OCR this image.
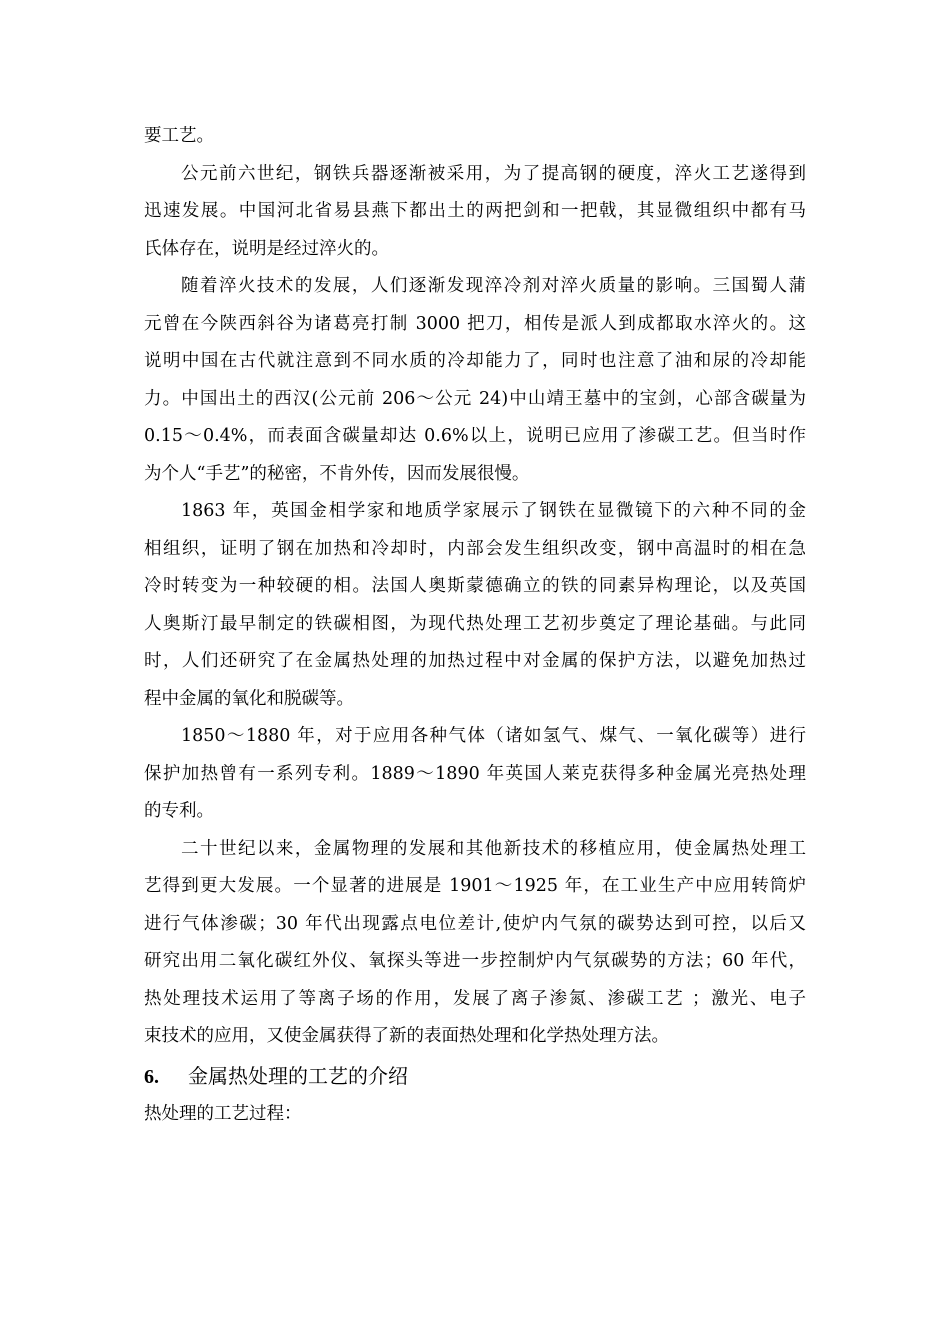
要工艺。
公元前六世纪，钢铁兵器逐渐被采用，为了提高钢的硬度，淬火工艺遂得到
迅速发展。中国河北省易县燕下都出土的两把剑和一把戟，其显微组织中都有马
氏体存在，说明是经过淬火的。
随着淬火技术的发展，人们逐渐发现淬冷剂对淬火质量的影响。三国蜀人蒲
元曾在今陕西斜谷为诸葛亮打制 3000 把刀，相传是派人到成都取水淬火的。这
说明中国在古代就注意到不同水质的冷却能力了，同时也注意了油和尿的冷却能
力。中国出土的西汉(公元前 206～公元 24)中山靖王墓中的宝剑，心部含碳量为
0.15～0.4%，而表面含碳量却达 0.6%以上，说明已应用了渗碳工艺。但当时作
为个人“手艺”的秘密，不肯外传，因而发展很慢。
1863 年，英国金相学家和地质学家展示了钢铁在显微镜下的六种不同的金
相组织，证明了钢在加热和冷却时，内部会发生组织改变，钢中高温时的相在急
冷时转变为一种较硬的相。法国人奥斯蒙德确立的铁的同素异构理论，以及英国
人奥斯汀最早制定的铁碳相图，为现代热处理工艺初步奠定了理论基础。与此同
时，人们还研究了在金属热处理的加热过程中对金属的保护方法，以避免加热过
程中金属的氧化和脱碳等。
1850～1880 年，对于应用各种气体（诸如氢气、煤气、一氧化碳等）进行
保护加热曾有一系列专利。1889～1890 年英国人莱克获得多种金属光亮热处理
的专利。
二十世纪以来，金属物理的发展和其他新技术的移植应用，使金属热处理工
艺得到更大发展。一个显著的进展是 1901～1925 年，在工业生产中应用转筒炉
进行气体渗碳；30 年代出现露点电位差计,使炉内气氛的碳势达到可控，以后又
研究出用二氧化碳红外仪、氧探头等进一步控制炉内气氛碳势的方法；60 年代，
热处理技术运用了等离子场的作用，发展了离子渗氮、渗碳工艺 ；激光、电子
束技术的应用，又使金属获得了新的表面热处理和化学热处理方法。
6. 金属热处理的工艺的介绍
热处理的工艺过程：
